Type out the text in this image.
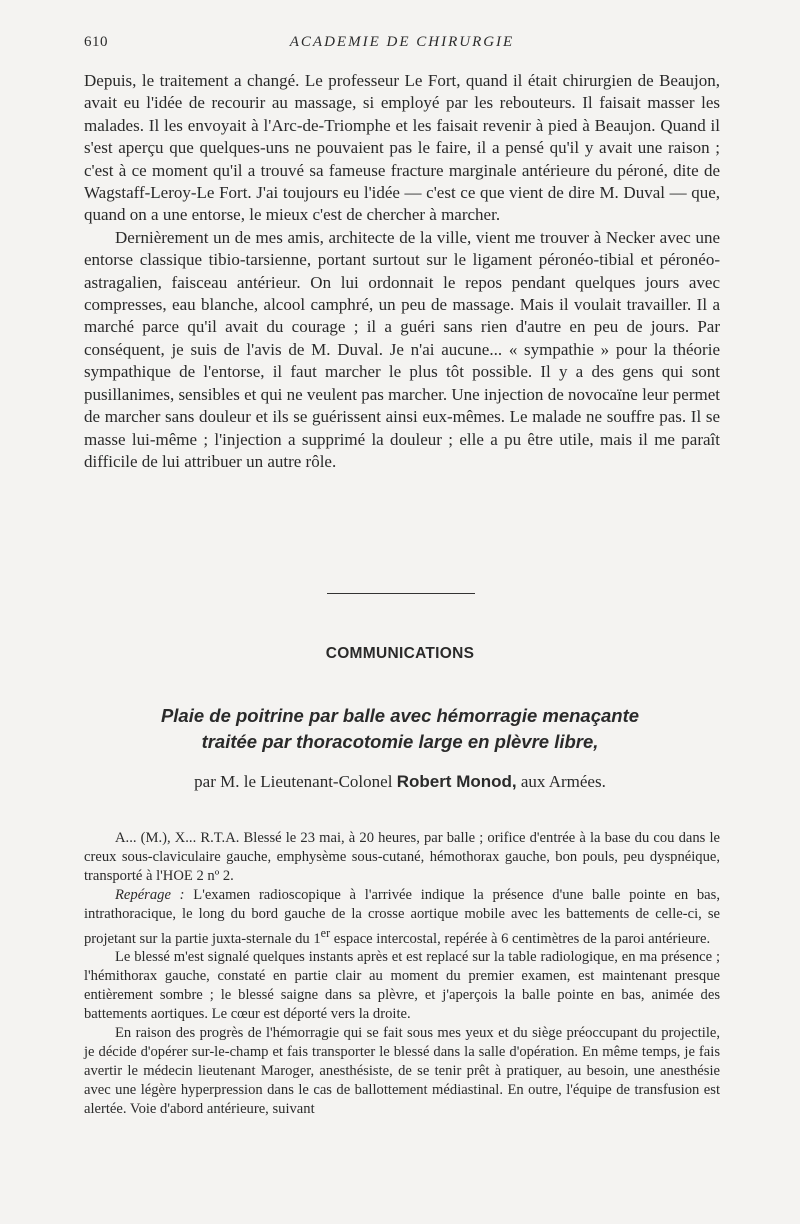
610	ACADEMIE DE CHIRURGIE

Depuis, le traitement a changé. Le professeur Le Fort, quand il était chirurgien de Beaujon, avait eu l'idée de recourir au massage, si employé par les rebouteurs. Il faisait masser les malades. Il les envoyait à l'Arc-de-Triomphe et les faisait revenir à pied à Beaujon. Quand il s'est aperçu que quelques-uns ne pouvaient pas le faire, il a pensé qu'il y avait une raison ; c'est à ce moment qu'il a trouvé sa fameuse fracture marginale antérieure du péroné, dite de Wagstaff-Leroy-Le Fort. J'ai toujours eu l'idée — c'est ce que vient de dire M. Duval — que, quand on a une entorse, le mieux c'est de chercher à marcher.

Dernièrement un de mes amis, architecte de la ville, vient me trouver à Necker avec une entorse classique tibio-tarsienne, portant surtout sur le ligament péronéo-tibial et péronéo-astragalien, faisceau antérieur. On lui ordonnait le repos pendant quelques jours avec compresses, eau blanche, alcool camphré, un peu de massage. Mais il voulait travailler. Il a marché parce qu'il avait du courage ; il a guéri sans rien d'autre en peu de jours. Par conséquent, je suis de l'avis de M. Duval. Je n'ai aucune... « sympathie » pour la théorie sympathique de l'entorse, il faut marcher le plus tôt possible. Il y a des gens qui sont pusillanimes, sensibles et qui ne veulent pas marcher. Une injection de novocaïne leur permet de marcher sans douleur et ils se guérissent ainsi eux-mêmes. Le malade ne souffre pas. Il se masse lui-même ; l'injection a supprimé la douleur ; elle a pu être utile, mais il me paraît difficile de lui attribuer un autre rôle.

COMMUNICATIONS
Plaie de poitrine par balle avec hémorragie menaçante
traitée par thoracotomie large en plèvre libre,
par M. le Lieutenant-Colonel Robert Monod, aux Armées.

A... (M.), X... R.T.A. Blessé le 23 mai, à 20 heures, par balle ; orifice d'entrée à la base du cou dans le creux sous-claviculaire gauche, emphysème sous-cutané, hémothorax gauche, bon pouls, peu dyspnéique, transporté à l'HOE 2 nº 2.

Repérage : L'examen radioscopique à l'arrivée indique la présence d'une balle pointe en bas, intrathoracique, le long du bord gauche de la crosse aortique mobile avec les battements de celle-ci, se projetant sur la partie juxta-sternale du 1er espace intercostal, repérée à 6 centimètres de la paroi antérieure.

Le blessé m'est signalé quelques instants après et est replacé sur la table radiologique, en ma présence ; l'hémithorax gauche, constaté en partie clair au moment du premier examen, est maintenant presque entièrement sombre ; le blessé saigne dans sa plèvre, et j'aperçois la balle pointe en bas, animée des battements aortiques. Le cœur est déporté vers la droite.

En raison des progrès de l'hémorragie qui se fait sous mes yeux et du siège préoccupant du projectile, je décide d'opérer sur-le-champ et fais transporter le blessé dans la salle d'opération. En même temps, je fais avertir le médecin lieutenant Maroger, anesthésiste, de se tenir prêt à pratiquer, au besoin, une anesthésie avec une légère hyperpression dans le cas de ballottement médiastinal. En outre, l'équipe de transfusion est alertée. Voie d'abord antérieure, suivant
